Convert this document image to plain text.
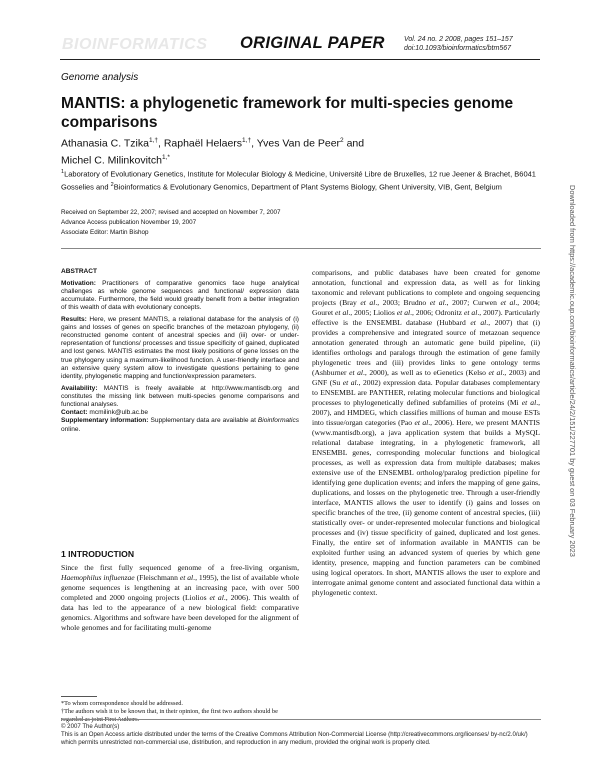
BIOINFORMATICS ORIGINAL PAPER	Vol. 24 no. 2 2008, pages 151–157
doi:10.1093/bioinformatics/btm567
Genome analysis
MANTIS: a phylogenetic framework for multi-species genome comparisons
Athanasia C. Tzika$^{1,\dagger}$, Raphaël Helaers$^{1,\dagger}$, Yves Van de Peer$^2$ and
Michel C. Milinkovitch$^{1,*}$
$^1$Laboratory of Evolutionary Genetics, Institute for Molecular Biology & Medicine, Université Libre de Bruxelles, 12 rue Jeener & Brachet, B6041 Gosselies and $^2$Bioinformatics & Evolutionary Genomics, Department of Plant Systems Biology, Ghent University, VIB, Gent, Belgium
Received on September 22, 2007; revised and accepted on November 7, 2007
Advance Access publication November 19, 2007
Associate Editor: Martin Bishop

ABSTRACT

Motivation: Practitioners of comparative genomics face huge analytical challenges as whole genome sequences and functional/ expression data accumulate. Furthermore, the field would greatly benefit from a better integration of this wealth of data with evolutionary concepts.

Results: Here, we present MANTIS, a relational database for the analysis of (i) gains and losses of genes on specific branches of the metazoan phylogeny, (ii) reconstructed genome content of ancestral species and (iii) over- or under-representation of functions/ processes and tissue specificity of gained, duplicated and lost genes. MANTIS estimates the most likely positions of gene losses on the true phylogeny using a maximum-likelihood function. A user-friendly interface and an extensive query system allow to investigate questions pertaining to gene identity, phylogenetic mapping and function/expression parameters.

Availability: MANTIS is freely available at http://www.mantisdb.org and constitutes the missing link between multi-species genome comparisons and functional analyses.

Contact: mcmilink@ulb.ac.be

Supplementary information: Supplementary data are available at Bioinformatics online.

1 INTRODUCTION
Since the first fully sequenced genome of a free-living organism, Haemophilus influenzae (Fleischmann et al., 1995), the list of available whole genome sequences is lengthening at an increasing pace, with over 500 completed and 2000 ongoing projects (Liolios et al., 2006). This wealth of data has led to the appearance of a new biological field: comparative genomics. Algorithms and software have been developed for the alignment of whole genomes and for facilitating multi-genome
*To whom correspondence should be addressed.
†The authors wish it to be known that, in their opinion, the first two authors should be
comparisons, and public databases have been created for genome annotation, functional and expression data, as well as for linking taxonomic and relevant publications to complete and ongoing sequencing projects (Bray et al., 2003; Brudno et al., 2007; Curwen et al., 2004; Gouret et al., 2005; Liolios et al., 2006; Odronitz et al., 2007). Particularly effective is the ENSEMBL database (Hubbard et al., 2007) that (i) provides a comprehensive and integrated source of metazoan sequence annotation generated through an automatic gene build pipeline, (ii) identifies orthologs and paralogs through the estimation of gene family phylogenetic trees and (iii) provides links to gene ontology terms (Ashburner et al., 2000), as well as to eGenetics (Kelso et al., 2003) and GNF (Su et al., 2002) expression data. Popular databases complementary to ENSEMBL are PANTHER, relating molecular functions and biological processes to phylogenetically defined subfamilies of proteins (Mi et al., 2007), and HMDEG, which classifies millions of human and mouse ESTs into tissue/organ categories (Pao et al., 2006). Here, we present MANTIS (www.mantisdb.org), a java application system that builds a MySQL relational database integrating, in a phylogenetic framework, all ENSEMBL genes, corresponding molecular functions and biological processes, as well as expression data from multiple databases; makes extensive use of the ENSEMBL ortholog/paralog prediction pipeline for identifying gene duplication events; and infers the mapping of gene gains, duplications, and losses on the phylogenetic tree. Through a user-friendly interface, MANTIS allows the user to identify (i) gains and losses on specific branches of the tree, (ii) genome content of ancestral species, (iii) statistically over- or under-represented molecular functions and biological processes and (iv) tissue specificity of gained, duplicated and lost genes. Finally, the entire set of information available in MANTIS can be exploited further using an advanced system of queries by which gene identity, presence, mapping and function parameters can be combined using logical operators. In short, MANTIS allows the user to explore and interrogate animal genome content and associated functional data within a phylogenetic context.
© 2007 The Author(s)
This is an Open Access article distributed under the terms of the Creative Commons Attribution Non-Commercial License (http://creativecommons.org/licenses/ by-nc/2.0/uk/) which permits unrestricted non-commercial use, distribution, and reproduction in any medium, provided the original work is properly cited.
Downloaded from https://academic.oup.com/bioinformatics/article/24/2/151/227701 by guest on 03 February 2023
